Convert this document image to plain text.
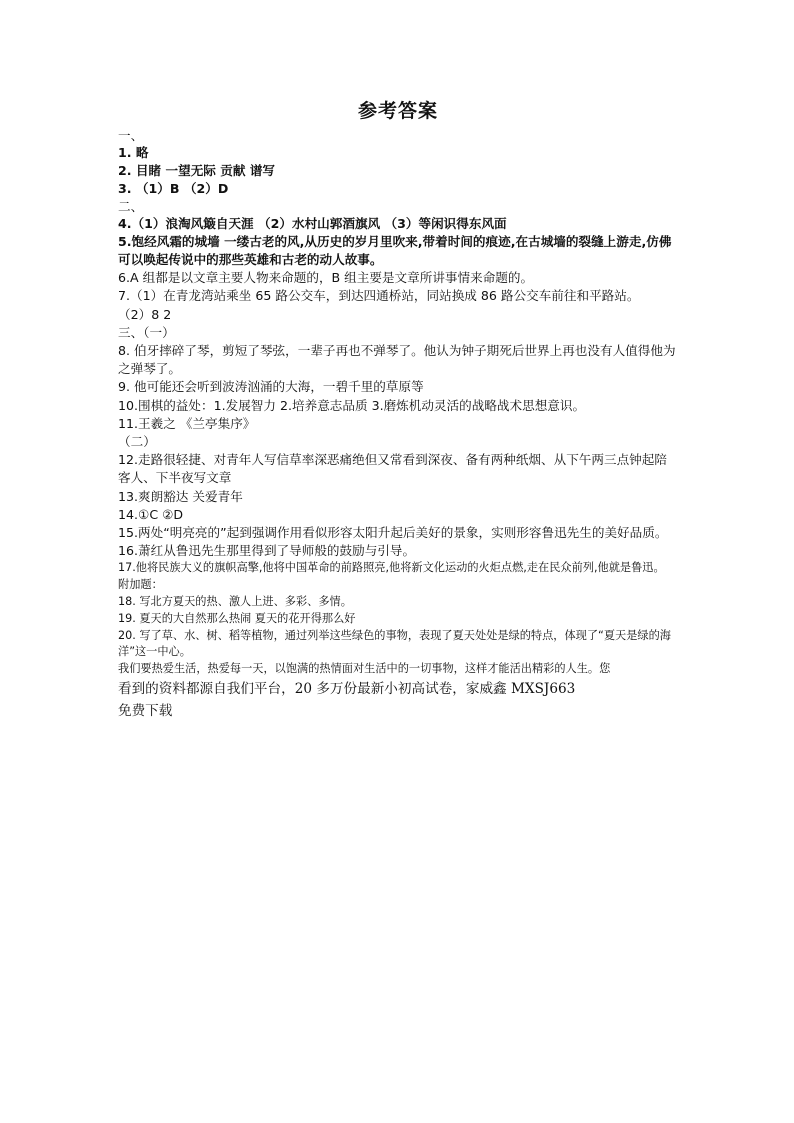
参考答案

一、

1. 略

2. 目睹 一望无际 贡献 谱写

3. （1）B （2）D

二、

4.（1）浪淘风簸自天涯 （2）水村山郭酒旗风 （3）等闲识得东风面

5.饱经风霜的城墙 一缕古老的风,从历史的岁月里吹来,带着时间的痕迹,在古城墙的裂缝上游走,仿佛可以唤起传说中的那些英雄和古老的动人故事。

6.A 组都是以文章主要人物来命题的，B 组主要是文章所讲事情来命题的。

7.（1）在青龙湾站乘坐 65 路公交车，到达四通桥站，同站换成 86 路公交车前往和平路站。

（2）8 2

三、（一）

8. 伯牙摔碎了琴，剪短了琴弦，一辈子再也不弹琴了。他认为钟子期死后世界上再也没有人值得他为之弹琴了。

9. 他可能还会听到波涛汹涌的大海，一碧千里的草原等

10.围棋的益处：1.发展智力 2.培养意志品质 3.磨炼机动灵活的战略战术思想意识。

11.王羲之 《兰亭集序》

（二）

12.走路很轻捷、对青年人写信草率深恶痛绝但又常看到深夜、备有两种纸烟、从下午两三点钟起陪客人、下半夜写文章

13.爽朗豁达 关爱青年

14.①C ②D

15.两处“明亮亮的”起到强调作用看似形容太阳升起后美好的景象，实则形容鲁迅先生的美好品质。

16.萧红从鲁迅先生那里得到了导师般的鼓励与引导。

17.他将民族大义的旗帜高擎,他将中国革命的前路照亮,他将新文化运动的火炬点燃,走在民众前列,他就是鲁迅。

附加题：

18. 写北方夏天的热、激人上进、多彩、多情。

19. 夏天的大自然那么热闹 夏天的花开得那么好

20. 写了草、水、树、稻等植物，通过列举这些绿色的事物，表现了夏天处处是绿的特点，体现了“夏天是绿的海洋”这一中心。

我们要热爱生活，热爱每一天，以饱满的热情面对生活中的一切事物，这样才能活出精彩的人生。您

看到的资料都源自我们平台，20 多万份最新小初高试卷，家威鑫 MXSJ663

免费下载
